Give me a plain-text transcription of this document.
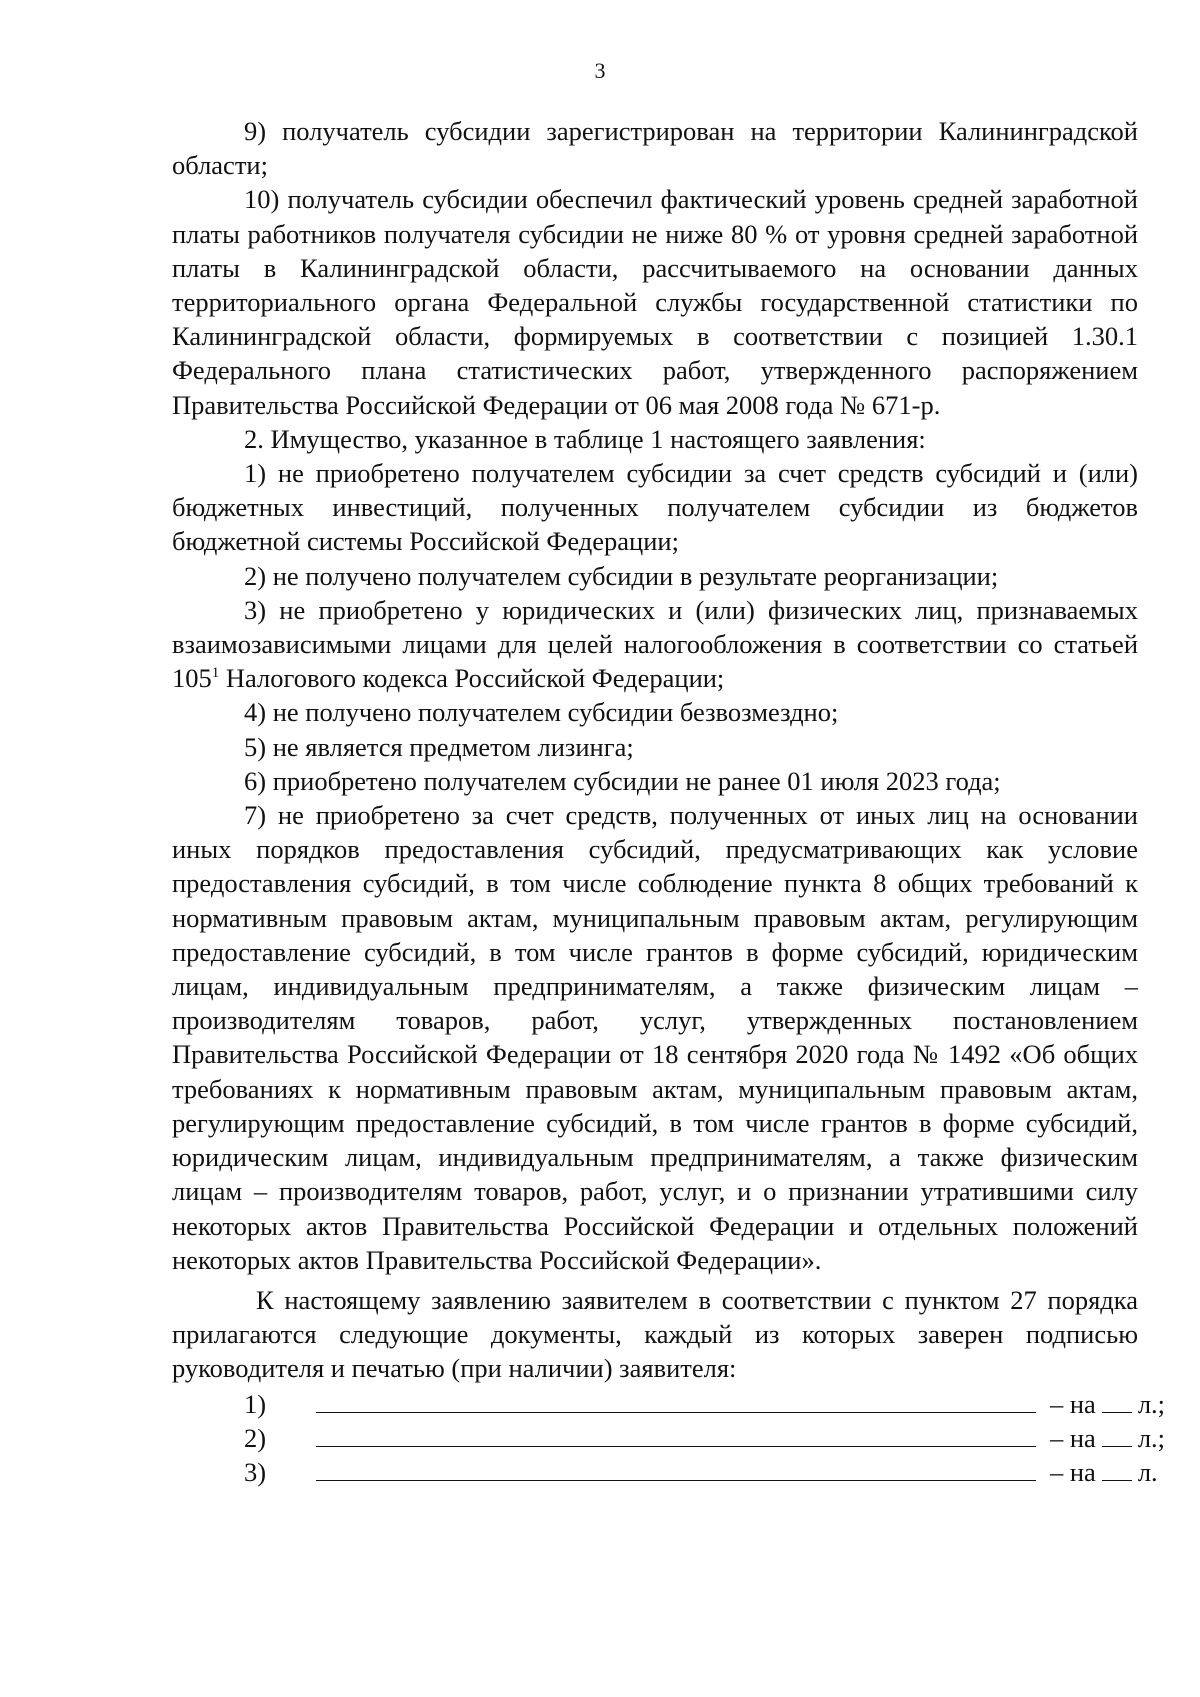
3

9) получатель субсидии зарегистрирован на территории Калининградской области;

10) получатель субсидии обеспечил фактический уровень средней заработной платы работников получателя субсидии не ниже 80 % от уровня средней заработной платы в Калининградской области, рассчитываемого на основании данных территориального органа Федеральной службы государственной статистики по Калининградской области, формируемых в соответствии с позицией 1.30.1 Федерального плана статистических работ, утвержденного распоряжением Правительства Российской Федерации от 06 мая 2008 года № 671-р.

2. Имущество, указанное в таблице 1 настоящего заявления:

1) не приобретено получателем субсидии за счет средств субсидий и (или) бюджетных инвестиций, полученных получателем субсидии из бюджетов бюджетной системы Российской Федерации;

2) не получено получателем субсидии в результате реорганизации;

3) не приобретено у юридических и (или) физических лиц, признаваемых взаимозависимыми лицами для целей налогообложения в соответствии со статьей $105^1$ Налогового кодекса Российской Федерации;

4) не получено получателем субсидии безвозмездно;

5) не является предметом лизинга;

6) приобретено получателем субсидии не ранее 01 июля 2023 года;

7) не приобретено за счет средств, полученных от иных лиц на основании иных порядков предоставления субсидий, предусматривающих как условие предоставления субсидий, в том числе соблюдение пункта 8 общих требований к нормативным правовым актам, муниципальным правовым актам, регулирующим предоставление субсидий, в том числе грантов в форме субсидий, юридическим лицам, индивидуальным предпринимателям, а также физическим лицам – производителям товаров, работ, услуг, утвержденных постановлением Правительства Российской Федерации от 18 сентября 2020 года № 1492 «Об общих требованиях к нормативным правовым актам, муниципальным правовым актам, регулирующим предоставление субсидий, в том числе грантов в форме субсидий, юридическим лицам, индивидуальным предпринимателям, а также физическим лицам – производителям товаров, работ, услуг, и о признании утратившими силу некоторых актов Правительства Российской Федерации и отдельных положений некоторых актов Правительства Российской Федерации».

К настоящему заявлению заявителем в соответствии с пунктом 27 порядка прилагаются следующие документы, каждый из которых заверен подписью руководителя и печатью (при наличии) заявителя:

1)	– на л.;
2)	– на л.;
3)	– на л.
